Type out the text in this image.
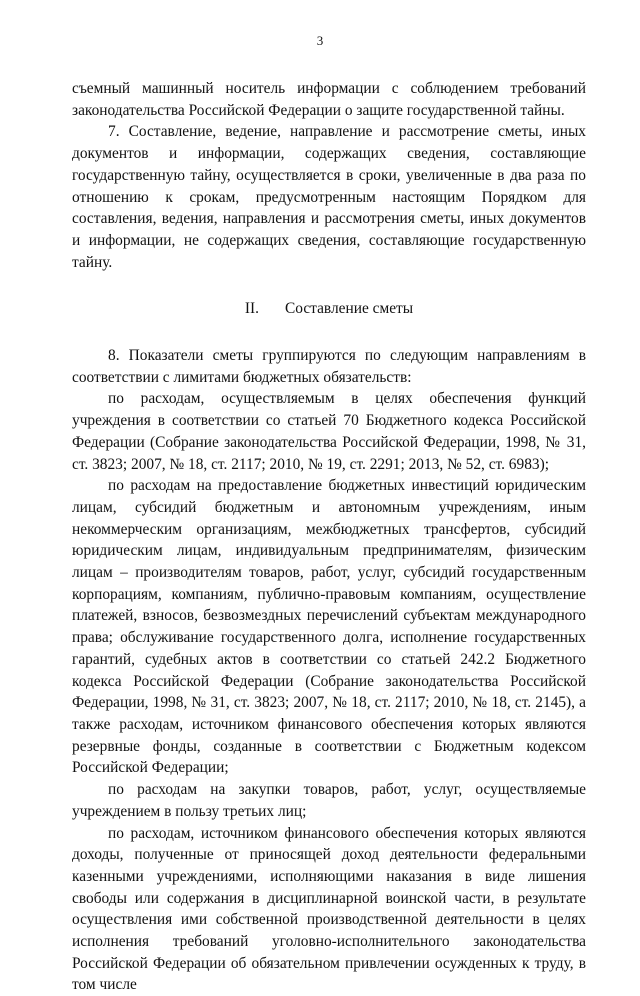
3

съемный машинный носитель информации с соблюдением требований законодательства Российской Федерации о защите государственной тайны.

7. Составление, ведение, направление и рассмотрение сметы, иных документов и информации, содержащих сведения, составляющие государственную тайну, осуществляется в сроки, увеличенные в два раза по отношению к срокам, предусмотренным настоящим Порядком для составления, ведения, направления и рассмотрения сметы, иных документов и информации, не содержащих сведения, составляющие государственную тайну.

II. Составление сметы

8. Показатели сметы группируются по следующим направлениям в соответствии с лимитами бюджетных обязательств:

по расходам, осуществляемым в целях обеспечения функций учреждения в соответствии со статьей 70 Бюджетного кодекса Российской Федерации (Собрание законодательства Российской Федерации, 1998, № 31, ст. 3823; 2007, № 18, ст. 2117; 2010, № 19, ст. 2291; 2013, № 52, ст. 6983);

по расходам на предоставление бюджетных инвестиций юридическим лицам, субсидий бюджетным и автономным учреждениям, иным некоммерческим организациям, межбюджетных трансфертов, субсидий юридическим лицам, индивидуальным предпринимателям, физическим лицам – производителям товаров, работ, услуг, субсидий государственным корпорациям, компаниям, публично-правовым компаниям, осуществление платежей, взносов, безвозмездных перечислений субъектам международного права; обслуживание государственного долга, исполнение государственных гарантий, судебных актов в соответствии со статьей 242.2 Бюджетного кодекса Российской Федерации (Собрание законодательства Российской Федерации, 1998, № 31, ст. 3823; 2007, № 18, ст. 2117; 2010, № 18, ст. 2145), а также расходам, источником финансового обеспечения которых являются резервные фонды, созданные в соответствии с Бюджетным кодексом Российской Федерации;

по расходам на закупки товаров, работ, услуг, осуществляемые учреждением в пользу третьих лиц;

по расходам, источником финансового обеспечения которых являются доходы, полученные от приносящей доход деятельности федеральными казенными учреждениями, исполняющими наказания в виде лишения свободы или содержания в дисциплинарной воинской части, в результате осуществления ими собственной производственной деятельности в целях исполнения требований уголовно-исполнительного законодательства Российской Федерации об обязательном привлечении осужденных к труду, в том числе
